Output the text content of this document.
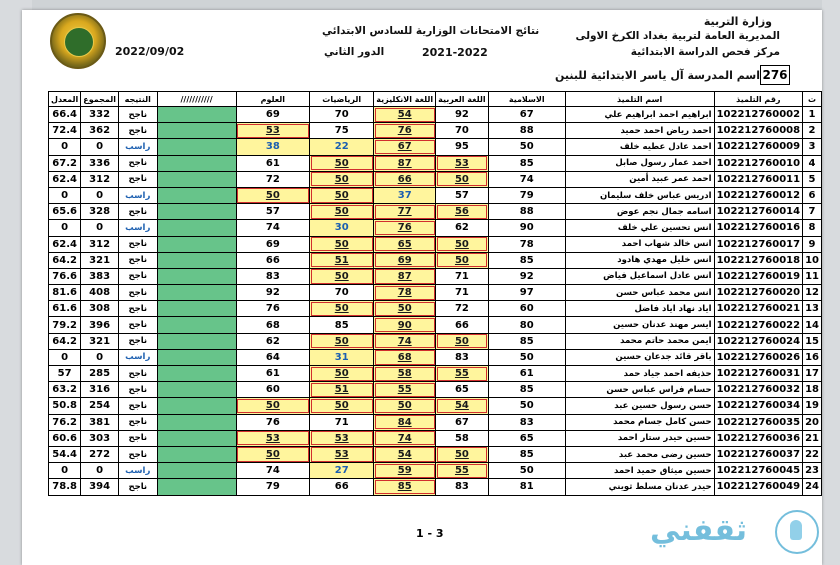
وزارة التربية
المديرية العامة لتربية بغداد الكرخ الاولى
مركز فحص الدراسة الابتدائية
اسم المدرسة آل ياسر الابتدائية للبنين	276
نتائج الامتحانات الوزارية للسادس الابتدائي
2021-2022
الدور الثاني
2022/09/02
ت	رقم التلميذ	اسم التلميذ	الاسلامية	اللغة العربية	اللغة الانكليزية	الرياضيات	العلوم	///////////	النتيجه	المجموع	المعدل
1	102212760002	ابراهيم احمد ابراهيم علي	67	92	54	70	69		ناجح	332	66.4
2	102212760008	احمد رياض احمد حميد	88	70	76	75	53		ناجح	362	72.4
3	102212760009	احمد عادل عطيه خلف	50	95	67	22	38		راسب	0	0
4	102212760010	احمد عمار رسول صابل	85	53	87	50	61		ناجح	336	67.2
5	102212760011	احمد عمر عبيد أمين	74	50	66	50	72		ناجح	312	62.4
6	102212760012	ادريس عباس خلف سليمان	79	57	37	50	50		راسب	0	0
7	102212760014	اسامه جمال نجم عوض	88	56	77	50	57		ناجح	328	65.6
8	102212760016	انس تحسين علي خلف	90	62	76	30	74		راسب	0	0
9	102212760017	انس خالد شهاب احمد	78	50	65	50	69		ناجح	312	62.4
10	102212760018	انس خليل مهدي هادود	85	50	69	51	66		ناجح	321	64.2
11	102212760019	انس عادل اسماعيل فياض	92	71	87	50	83		ناجح	383	76.6
12	102212760020	انس محمد عباس حسن	97	71	78	70	92		ناجح	408	81.6
13	102212760021	اياد نهاد اياد فاضل	60	72	50	50	76		ناجح	308	61.6
14	102212760022	ايسر مهند عدنان حسين	80	66	90	85	68		ناجح	396	79.2
15	102212760024	ايمن محمد حاتم محمد	85	50	74	50	62		ناجح	321	64.2
16	102212760026	باقر قائد جدعان حسين	50	83	68	31	64		راسب	0	0
17	102212760031	حذيفه احمد جياد حمد	61	55	58	50	61		ناجح	285	57
18	102212760032	حسام فراس عباس حسن	85	65	55	51	60		ناجح	316	63.2
19	102212760034	حسن رسول حسين عبد	50	54	50	50	50		ناجح	254	50.8
20	102212760035	حسن كامل جسام محمد	83	67	84	71	76		ناجح	381	76.2
21	102212760036	حسين حيدر ستار احمد	65	58	74	53	53		ناجح	303	60.6
22	102212760037	حسين رضى محمد عبد	85	50	54	53	50		ناجح	272	54.4
23	102212760045	حسين ميثاق حميد احمد	50	55	59	27	74		راسب	0	0
24	102212760049	حيدر عدنان مسلط ثويني	81	83	85	66	79		ناجح	394	78.8
1 - 3	ثقفني
